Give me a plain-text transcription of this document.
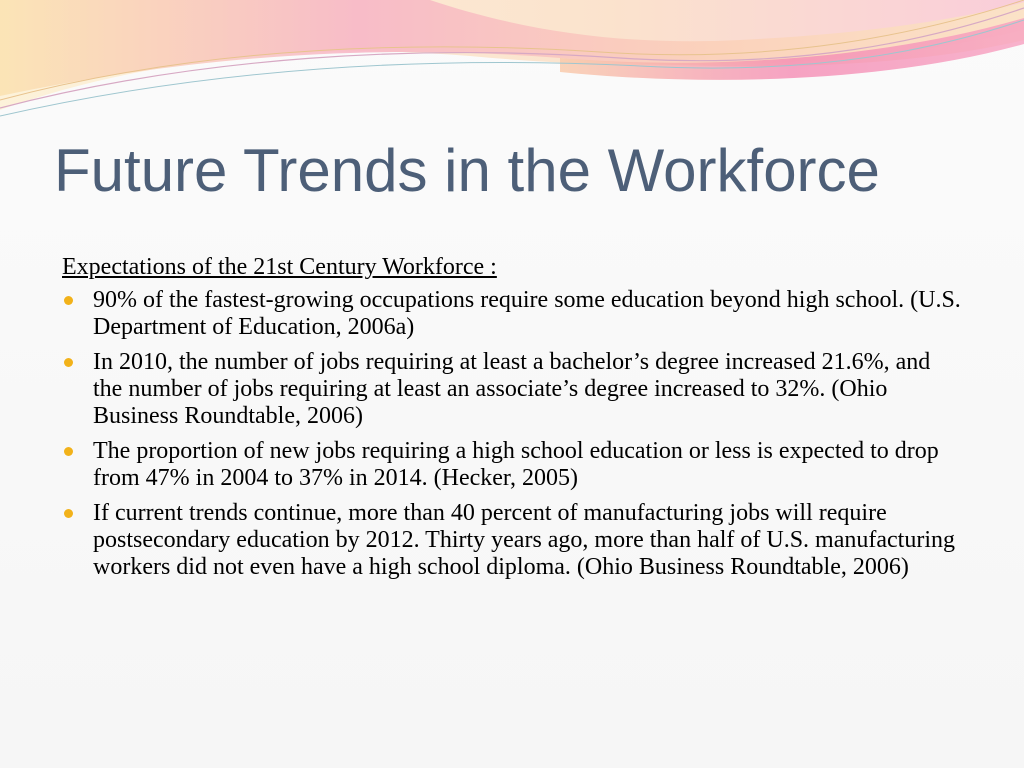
Future Trends in the Workforce
Expectations of the 21st Century Workforce :
90% of the fastest-growing occupations require some education beyond high school. (U.S. Department of Education, 2006a)
In 2010, the number of jobs requiring at least a bachelor’s degree increased 21.6%, and the number of jobs requiring at least an associate’s degree increased to 32%. (Ohio Business Roundtable, 2006)
The proportion of new jobs requiring a high school education or less is expected to drop from 47% in 2004 to 37% in 2014. (Hecker, 2005)
If current trends continue, more than 40 percent of manufacturing jobs will require postsecondary education by 2012. Thirty years ago, more than half of U.S. manufacturing workers did not even have a high school diploma. (Ohio Business Roundtable, 2006)
